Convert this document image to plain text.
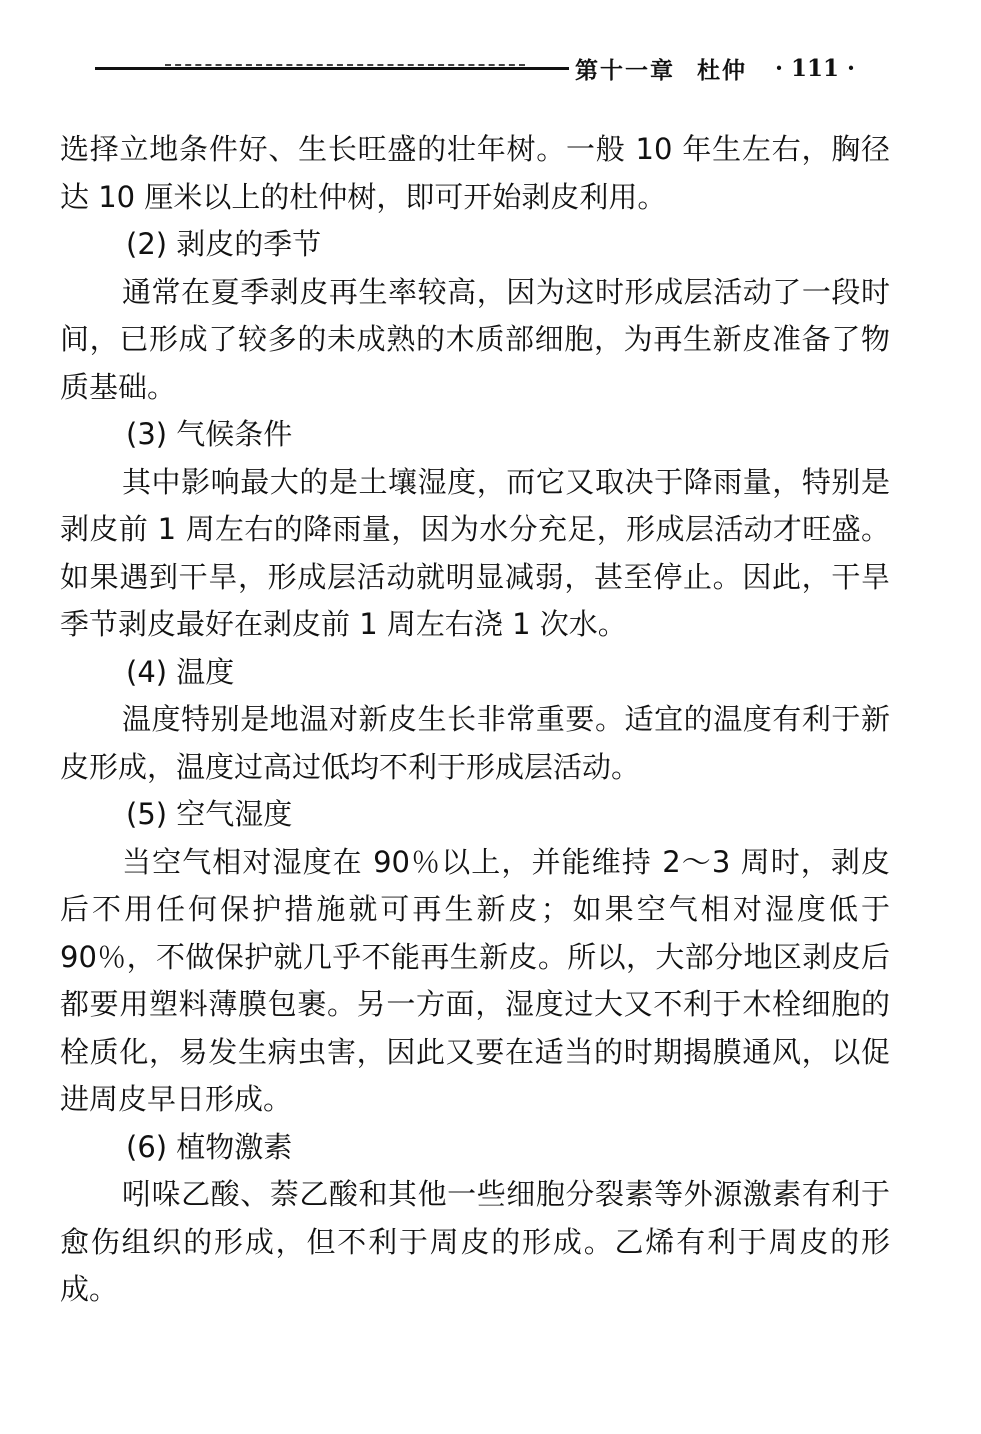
第十一章 杜仲 · 111 ·

选择立地条件好、生长旺盛的壮年树。一般 10 年生左右，胸径达 10 厘米以上的杜仲树，即可开始剥皮利用。

(2) 剥皮的季节

通常在夏季剥皮再生率较高，因为这时形成层活动了一段时间，已形成了较多的未成熟的木质部细胞，为再生新皮准备了物质基础。

(3) 气候条件

其中影响最大的是土壤湿度，而它又取决于降雨量，特别是剥皮前 1 周左右的降雨量，因为水分充足，形成层活动才旺盛。如果遇到干旱，形成层活动就明显减弱，甚至停止。因此，干旱季节剥皮最好在剥皮前 1 周左右浇 1 次水。

(4) 温度

温度特别是地温对新皮生长非常重要。适宜的温度有利于新皮形成，温度过高过低均不利于形成层活动。

(5) 空气湿度

当空气相对湿度在 90％以上，并能维持 2～3 周时，剥皮后不用任何保护措施就可再生新皮；如果空气相对湿度低于 90％，不做保护就几乎不能再生新皮。所以，大部分地区剥皮后都要用塑料薄膜包裹。另一方面，湿度过大又不利于木栓细胞的栓质化，易发生病虫害，因此又要在适当的时期揭膜通风，以促进周皮早日形成。

(6) 植物激素

吲哚乙酸、萘乙酸和其他一些细胞分裂素等外源激素有利于愈伤组织的形成，但不利于周皮的形成。乙烯有利于周皮的形成。
